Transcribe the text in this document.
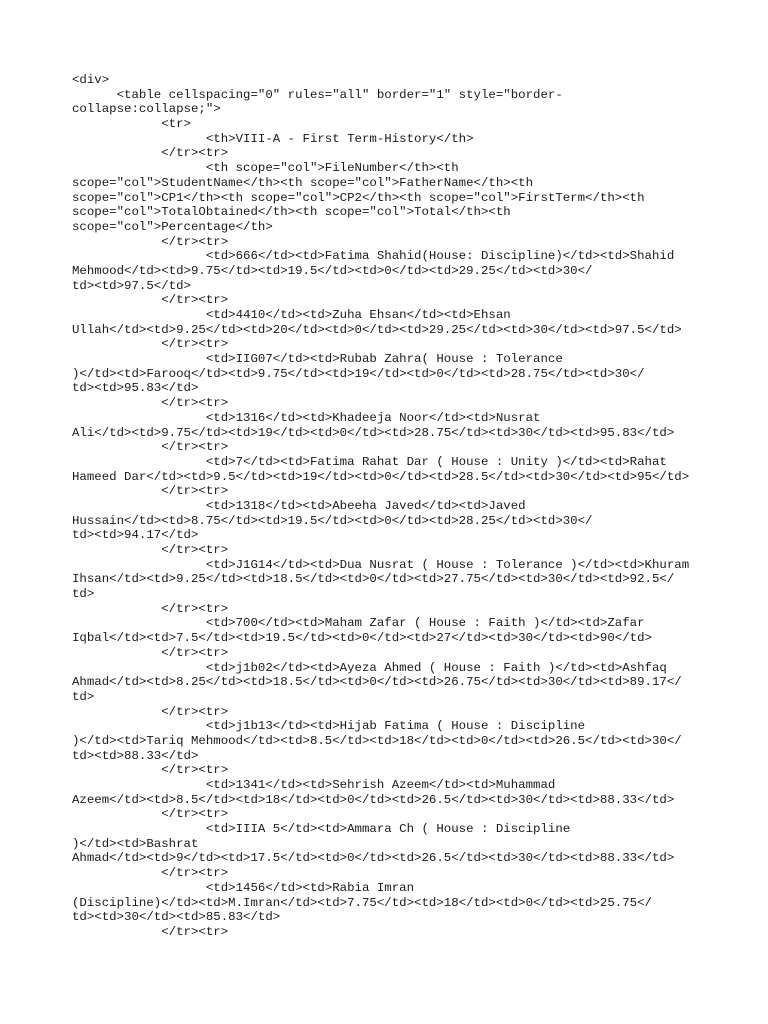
<div>
<table cellspacing="0" rules="all" border="1" style="border-
collapse:collapse;">
<tr>
<th>VIII-A - First Term-History</th>
</tr><tr>
<th scope="col">FileNumber</th><th
scope="col">StudentName</th><th scope="col">FatherName</th><th
scope="col">CP1</th><th scope="col">CP2</th><th scope="col">FirstTerm</th><th
scope="col">TotalObtained</th><th scope="col">Total</th><th
scope="col">Percentage</th>
</tr><tr>
<td>666</td><td>Fatima Shahid(House: Discipline)</td><td>Shahid
Mehmood</td><td>9.75</td><td>19.5</td><td>0</td><td>29.25</td><td>30</
td><td>97.5</td>
</tr><tr>
<td>4410</td><td>Zuha Ehsan</td><td>Ehsan
Ullah</td><td>9.25</td><td>20</td><td>0</td><td>29.25</td><td>30</td><td>97.5</td>
</tr><tr>
<td>IIG07</td><td>Rubab Zahra( House : Tolerance
)</td><td>Farooq</td><td>9.75</td><td>19</td><td>0</td><td>28.75</td><td>30</
td><td>95.83</td>
</tr><tr>
<td>1316</td><td>Khadeeja Noor</td><td>Nusrat
Ali</td><td>9.75</td><td>19</td><td>0</td><td>28.75</td><td>30</td><td>95.83</td>
</tr><tr>
<td>7</td><td>Fatima Rahat Dar ( House : Unity )</td><td>Rahat
Hameed Dar</td><td>9.5</td><td>19</td><td>0</td><td>28.5</td><td>30</td><td>95</td>
</tr><tr>
<td>1318</td><td>Abeeha Javed</td><td>Javed
Hussain</td><td>8.75</td><td>19.5</td><td>0</td><td>28.25</td><td>30</
td><td>94.17</td>
</tr><tr>
<td>J1G14</td><td>Dua Nusrat ( House : Tolerance )</td><td>Khuram
Ihsan</td><td>9.25</td><td>18.5</td><td>0</td><td>27.75</td><td>30</td><td>92.5</
td>
</tr><tr>
<td>700</td><td>Maham Zafar ( House : Faith )</td><td>Zafar
Iqbal</td><td>7.5</td><td>19.5</td><td>0</td><td>27</td><td>30</td><td>90</td>
</tr><tr>
<td>j1b02</td><td>Ayeza Ahmed ( House : Faith )</td><td>Ashfaq
Ahmad</td><td>8.25</td><td>18.5</td><td>0</td><td>26.75</td><td>30</td><td>89.17</
td>
</tr><tr>
<td>j1b13</td><td>Hijab Fatima ( House : Discipline
)</td><td>Tariq Mehmood</td><td>8.5</td><td>18</td><td>0</td><td>26.5</td><td>30</
td><td>88.33</td>
</tr><tr>
<td>1341</td><td>Sehrish Azeem</td><td>Muhammad
Azeem</td><td>8.5</td><td>18</td><td>0</td><td>26.5</td><td>30</td><td>88.33</td>
</tr><tr>
<td>IIIA 5</td><td>Ammara Ch ( House : Discipline
)</td><td>Bashrat
Ahmad</td><td>9</td><td>17.5</td><td>0</td><td>26.5</td><td>30</td><td>88.33</td>
</tr><tr>
<td>1456</td><td>Rabia Imran
(Discipline)</td><td>M.Imran</td><td>7.75</td><td>18</td><td>0</td><td>25.75</
td><td>30</td><td>85.83</td>
</tr><tr>
